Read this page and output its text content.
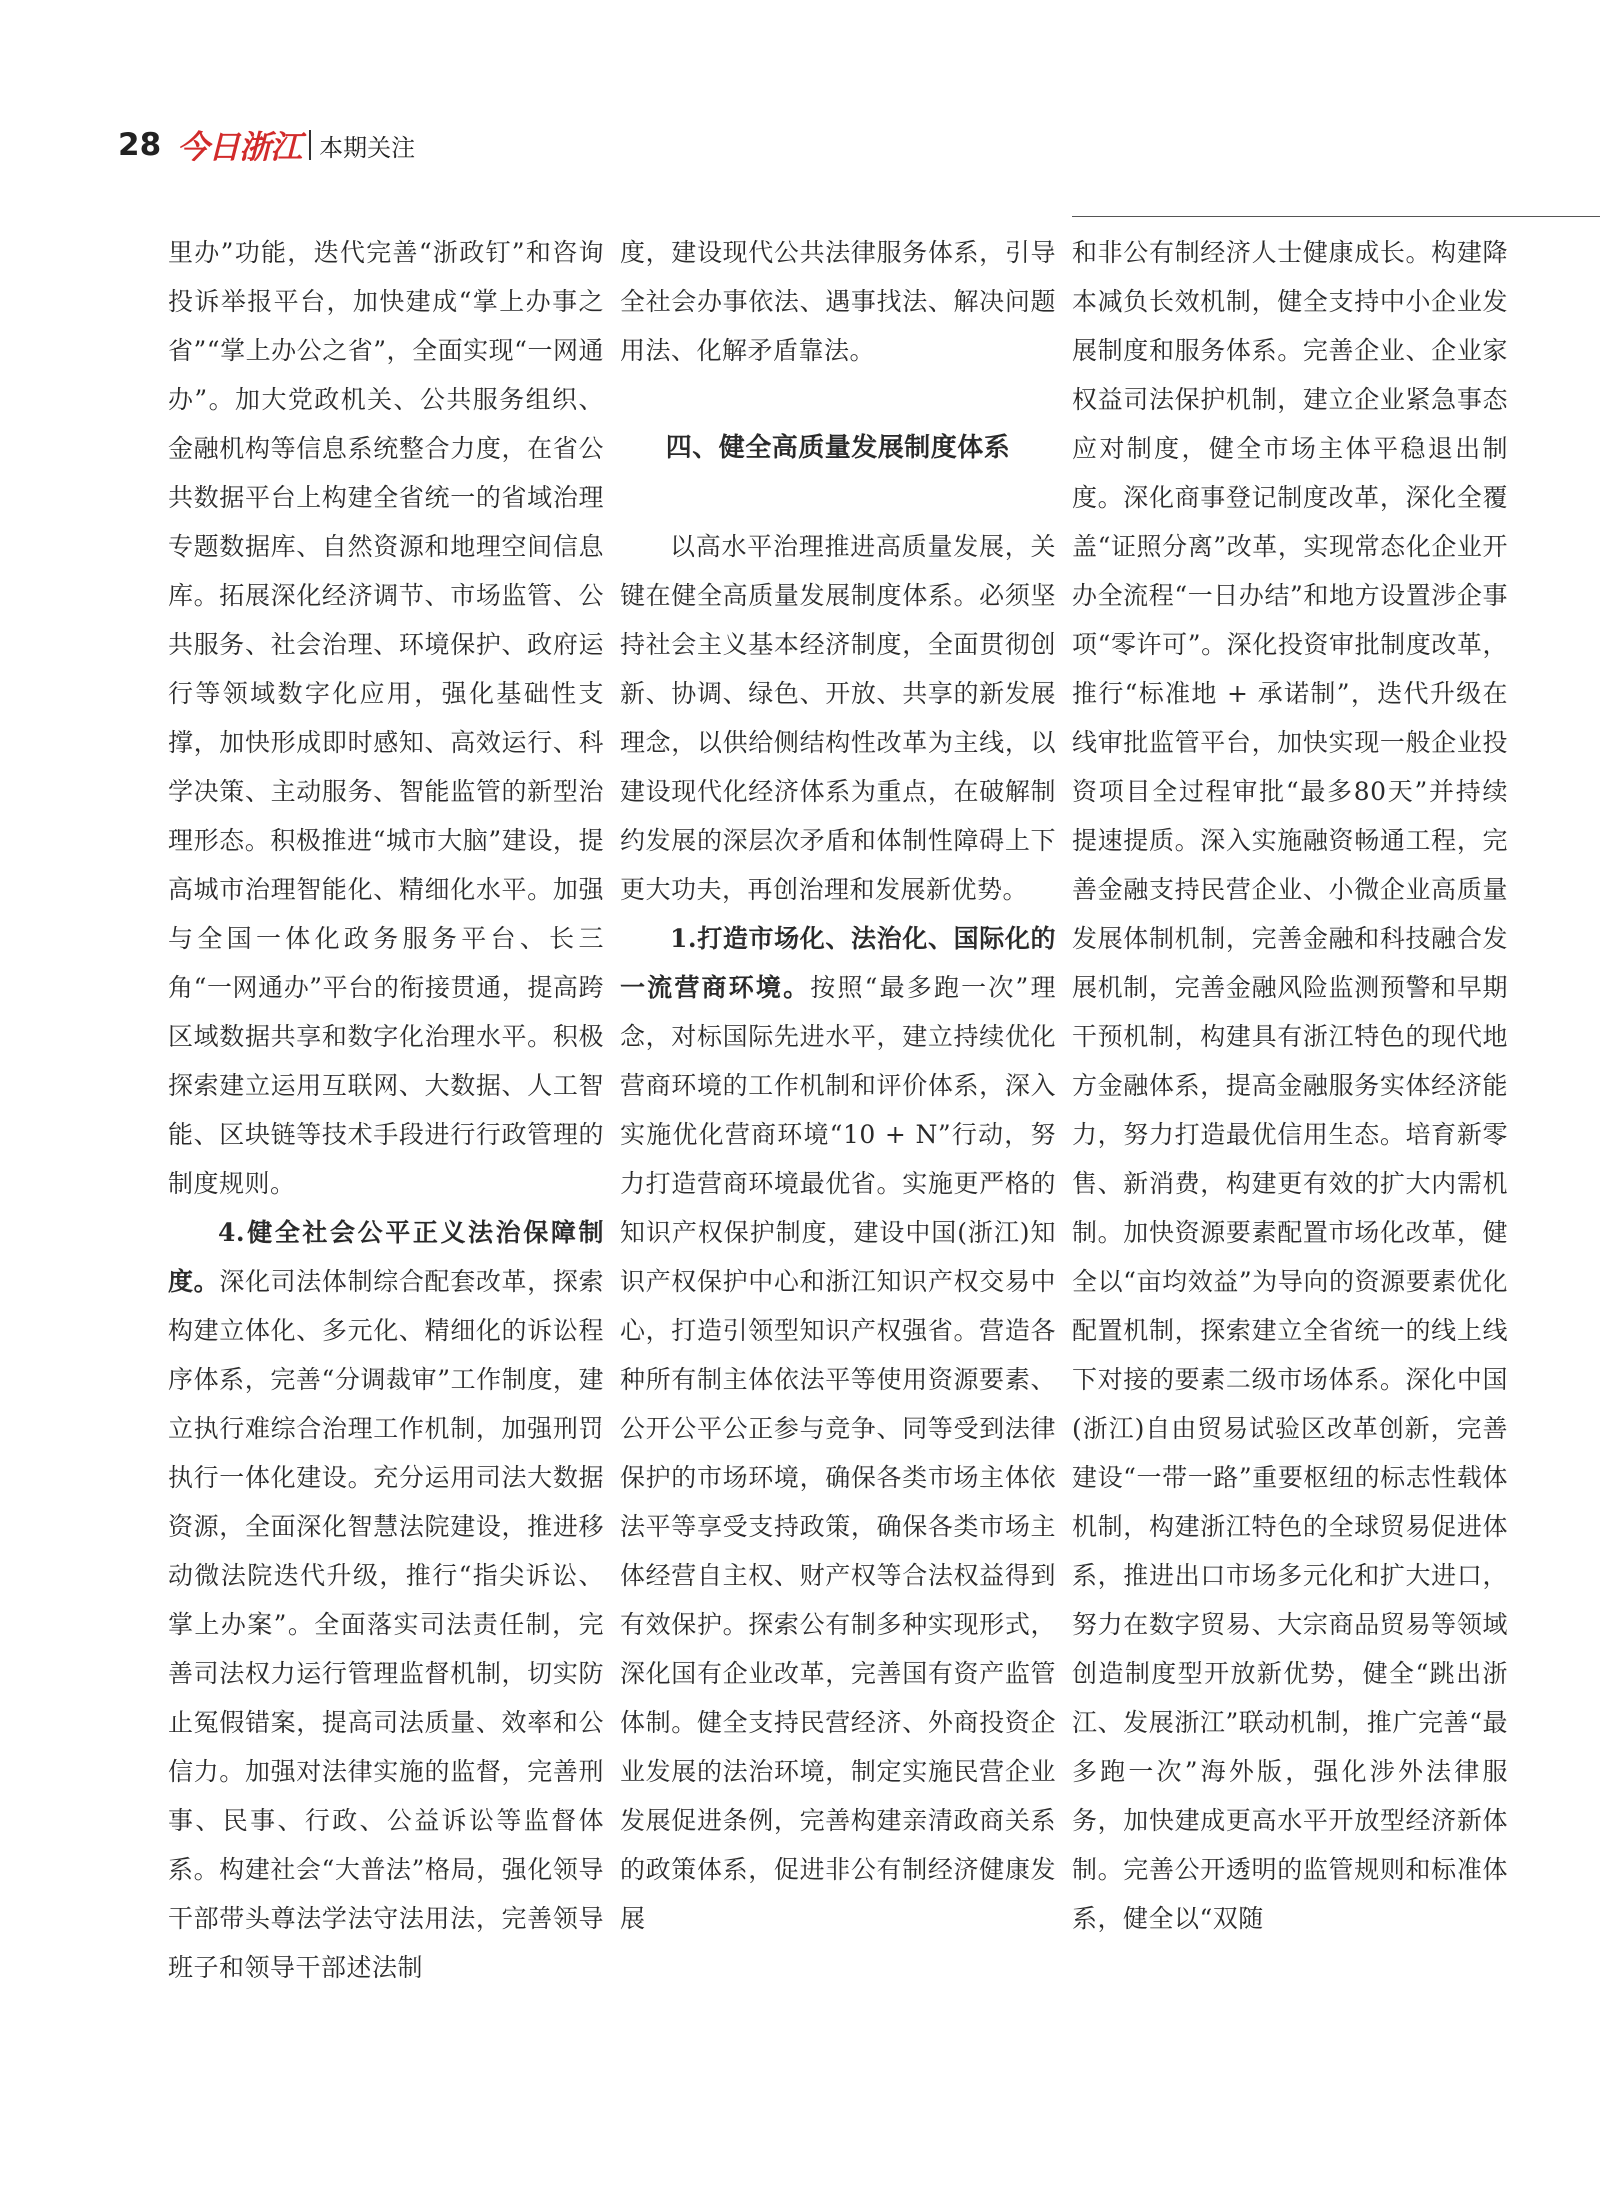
28 今日浙江 本期关注

里办”功能，迭代完善“浙政钉”和咨询投诉举报平台，加快建成“掌上办事之省”“掌上办公之省”，全面实现“一网通办”。加大党政机关、公共服务组织、金融机构等信息系统整合力度，在省公共数据平台上构建全省统一的省域治理专题数据库、自然资源和地理空间信息库。拓展深化经济调节、市场监管、公共服务、社会治理、环境保护、政府运行等领域数字化应用，强化基础性支撑，加快形成即时感知、高效运行、科学决策、主动服务、智能监管的新型治理形态。积极推进“城市大脑”建设，提高城市治理智能化、精细化水平。加强与全国一体化政务服务平台、长三角“一网通办”平台的衔接贯通，提高跨区域数据共享和数字化治理水平。积极探索建立运用互联网、大数据、人工智能、区块链等技术手段进行行政管理的制度规则。

4.健全社会公平正义法治保障制度。深化司法体制综合配套改革，探索构建立体化、多元化、精细化的诉讼程序体系，完善“分调裁审”工作制度，建立执行难综合治理工作机制，加强刑罚执行一体化建设。充分运用司法大数据资源，全面深化智慧法院建设，推进移动微法院迭代升级，推行“指尖诉讼、掌上办案”。全面落实司法责任制，完善司法权力运行管理监督机制，切实防止冤假错案，提高司法质量、效率和公信力。加强对法律实施的监督，完善刑事、民事、行政、公益诉讼等监督体系。构建社会“大普法”格局，强化领导干部带头尊法学法守法用法，完善领导班子和领导干部述法制

度，建设现代公共法律服务体系，引导全社会办事依法、遇事找法、解决问题用法、化解矛盾靠法。

四、健全高质量发展制度体系

以高水平治理推进高质量发展，关键在健全高质量发展制度体系。必须坚持社会主义基本经济制度，全面贯彻创新、协调、绿色、开放、共享的新发展理念，以供给侧结构性改革为主线，以建设现代化经济体系为重点，在破解制约发展的深层次矛盾和体制性障碍上下更大功夫，再创治理和发展新优势。

1.打造市场化、法治化、国际化的一流营商环境。按照“最多跑一次”理念，对标国际先进水平，建立持续优化营商环境的工作机制和评价体系，深入实施优化营商环境“10 + N”行动，努力打造营商环境最优省。实施更严格的知识产权保护制度，建设中国(浙江)知识产权保护中心和浙江知识产权交易中心，打造引领型知识产权强省。营造各种所有制主体依法平等使用资源要素、公开公平公正参与竞争、同等受到法律保护的市场环境，确保各类市场主体依法平等享受支持政策，确保各类市场主体经营自主权、财产权等合法权益得到有效保护。探索公有制多种实现形式，深化国有企业改革，完善国有资产监管体制。健全支持民营经济、外商投资企业发展的法治环境，制定实施民营企业发展促进条例，完善构建亲清政商关系的政策体系，促进非公有制经济健康发展

和非公有制经济人士健康成长。构建降本减负长效机制，健全支持中小企业发展制度和服务体系。完善企业、企业家权益司法保护机制，建立企业紧急事态应对制度，健全市场主体平稳退出制度。深化商事登记制度改革，深化全覆盖“证照分离”改革，实现常态化企业开办全流程“一日办结”和地方设置涉企事项“零许可”。深化投资审批制度改革，推行“标准地 + 承诺制”，迭代升级在线审批监管平台，加快实现一般企业投资项目全过程审批“最多80天”并持续提速提质。深入实施融资畅通工程，完善金融支持民营企业、小微企业高质量发展体制机制，完善金融和科技融合发展机制，完善金融风险监测预警和早期干预机制，构建具有浙江特色的现代地方金融体系，提高金融服务实体经济能力，努力打造最优信用生态。培育新零售、新消费，构建更有效的扩大内需机制。加快资源要素配置市场化改革，健全以“亩均效益”为导向的资源要素优化配置机制，探索建立全省统一的线上线下对接的要素二级市场体系。深化中国(浙江)自由贸易试验区改革创新，完善建设“一带一路”重要枢纽的标志性载体机制，构建浙江特色的全球贸易促进体系，推进出口市场多元化和扩大进口，努力在数字贸易、大宗商品贸易等领域创造制度型开放新优势，健全“跳出浙江、发展浙江”联动机制，推广完善“最多跑一次”海外版，强化涉外法律服务，加快建成更高水平开放型经济新体制。完善公开透明的监管规则和标准体系，健全以“双随
